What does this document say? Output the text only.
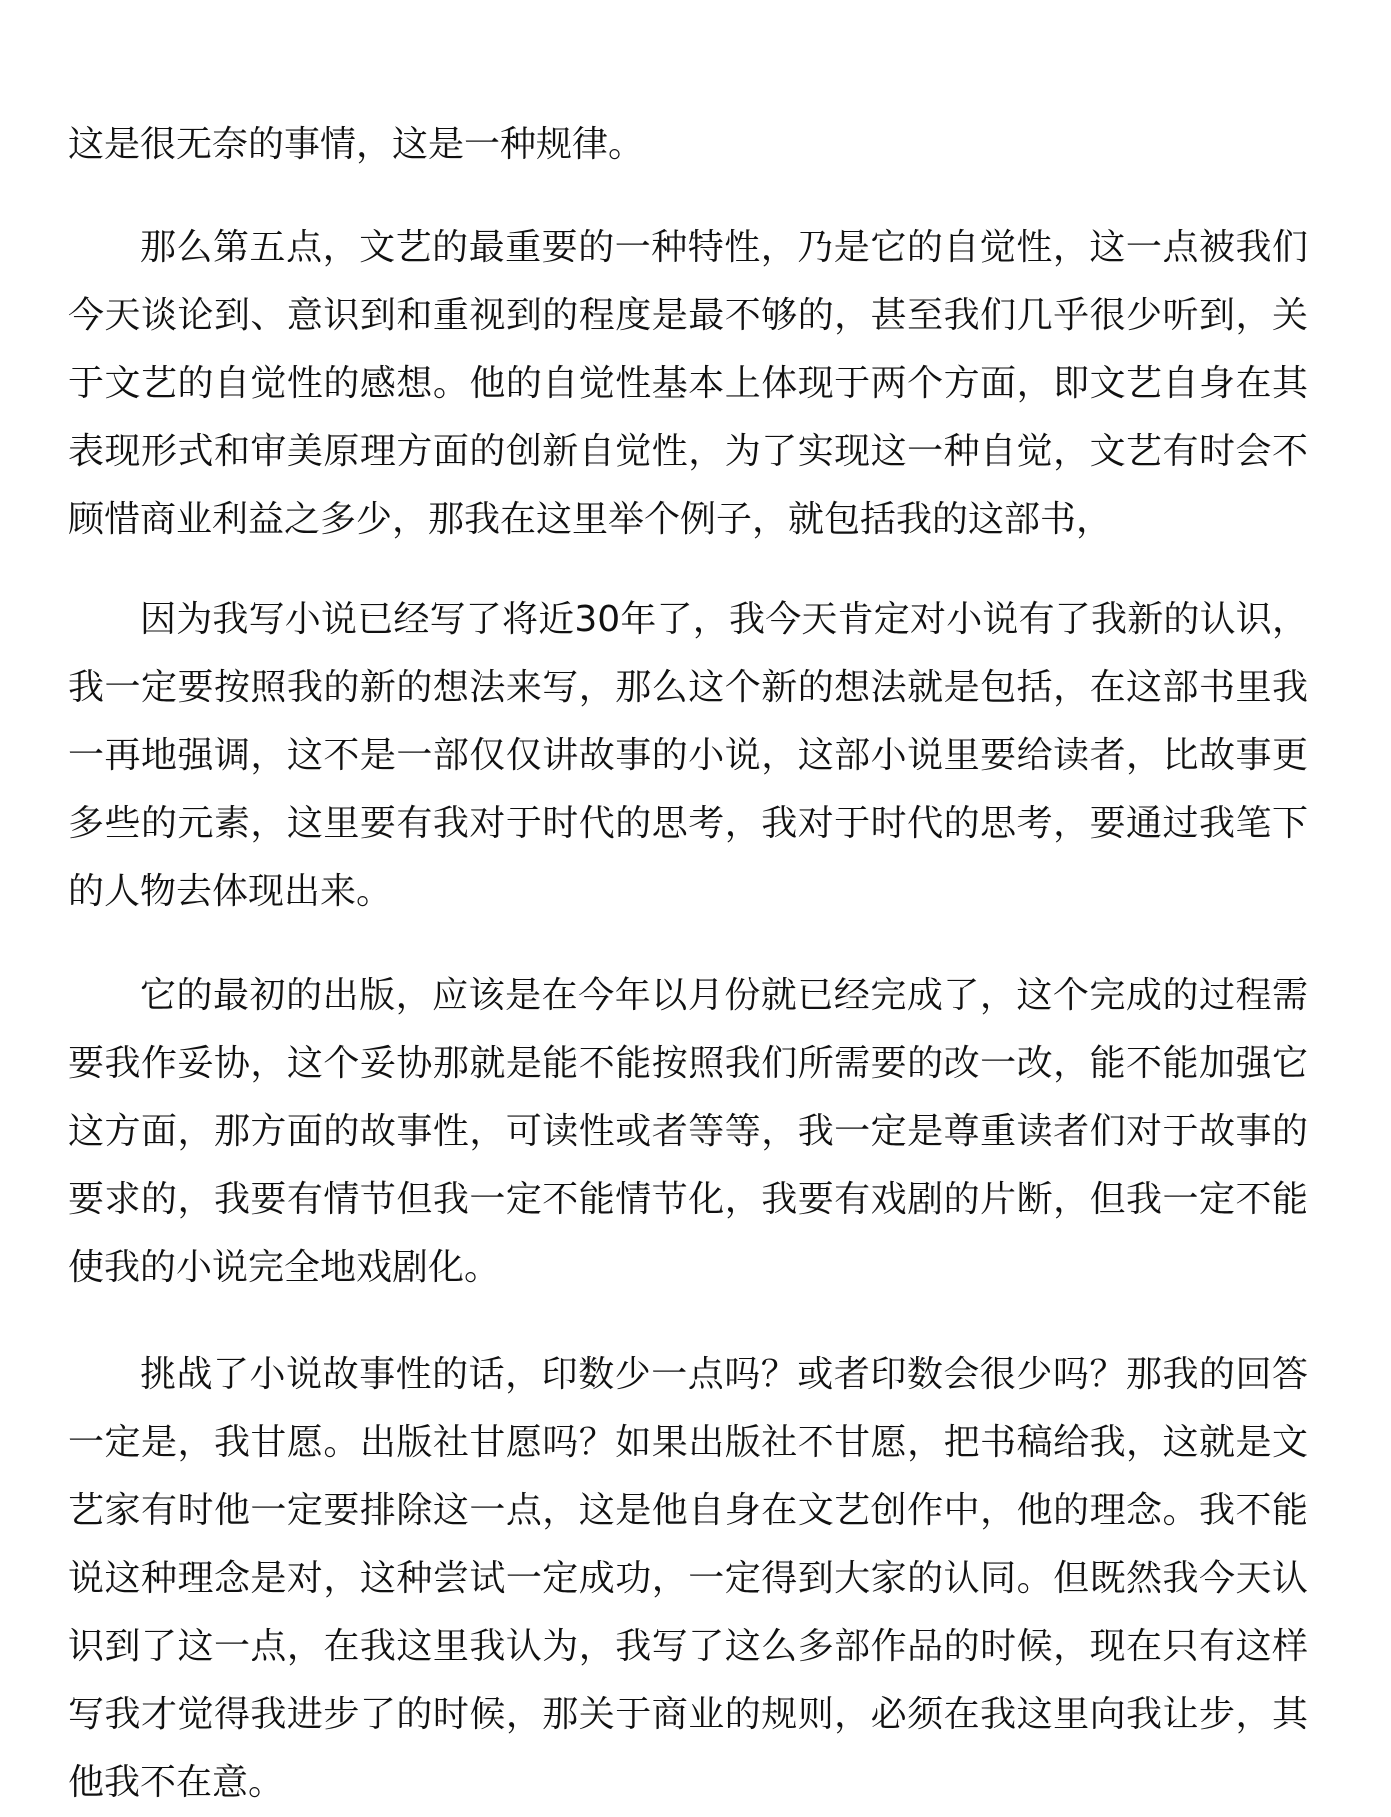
这是很无奈的事情，这是一种规律。

那么第五点，文艺的最重要的一种特性，乃是它的自觉性，这一点被我们今天谈论到、意识到和重视到的程度是最不够的，甚至我们几乎很少听到，关于文艺的自觉性的感想。他的自觉性基本上体现于两个方面，即文艺自身在其表现形式和审美原理方面的创新自觉性，为了实现这一种自觉，文艺有时会不顾惜商业利益之多少，那我在这里举个例子，就包括我的这部书，

因为我写小说已经写了将近30年了，我今天肯定对小说有了我新的认识，我一定要按照我的新的想法来写，那么这个新的想法就是包括，在这部书里我一再地强调，这不是一部仅仅讲故事的小说，这部小说里要给读者，比故事更多些的元素，这里要有我对于时代的思考，我对于时代的思考，要通过我笔下的人物去体现出来。

它的最初的出版，应该是在今年以月份就已经完成了，这个完成的过程需要我作妥协，这个妥协那就是能不能按照我们所需要的改一改，能不能加强它这方面，那方面的故事性，可读性或者等等，我一定是尊重读者们对于故事的要求的，我要有情节但我一定不能情节化，我要有戏剧的片断，但我一定不能使我的小说完全地戏剧化。

挑战了小说故事性的话，印数少一点吗？或者印数会很少吗？那我的回答一定是，我甘愿。出版社甘愿吗？如果出版社不甘愿，把书稿给我，这就是文艺家有时他一定要排除这一点，这是他自身在文艺创作中，他的理念。我不能说这种理念是对，这种尝试一定成功，一定得到大家的认同。但既然我今天认识到了这一点，在我这里我认为，我写了这么多部作品的时候，现在只有这样写我才觉得我进步了的时候，那关于商业的规则，必须在我这里向我让步，其他我不在意。
